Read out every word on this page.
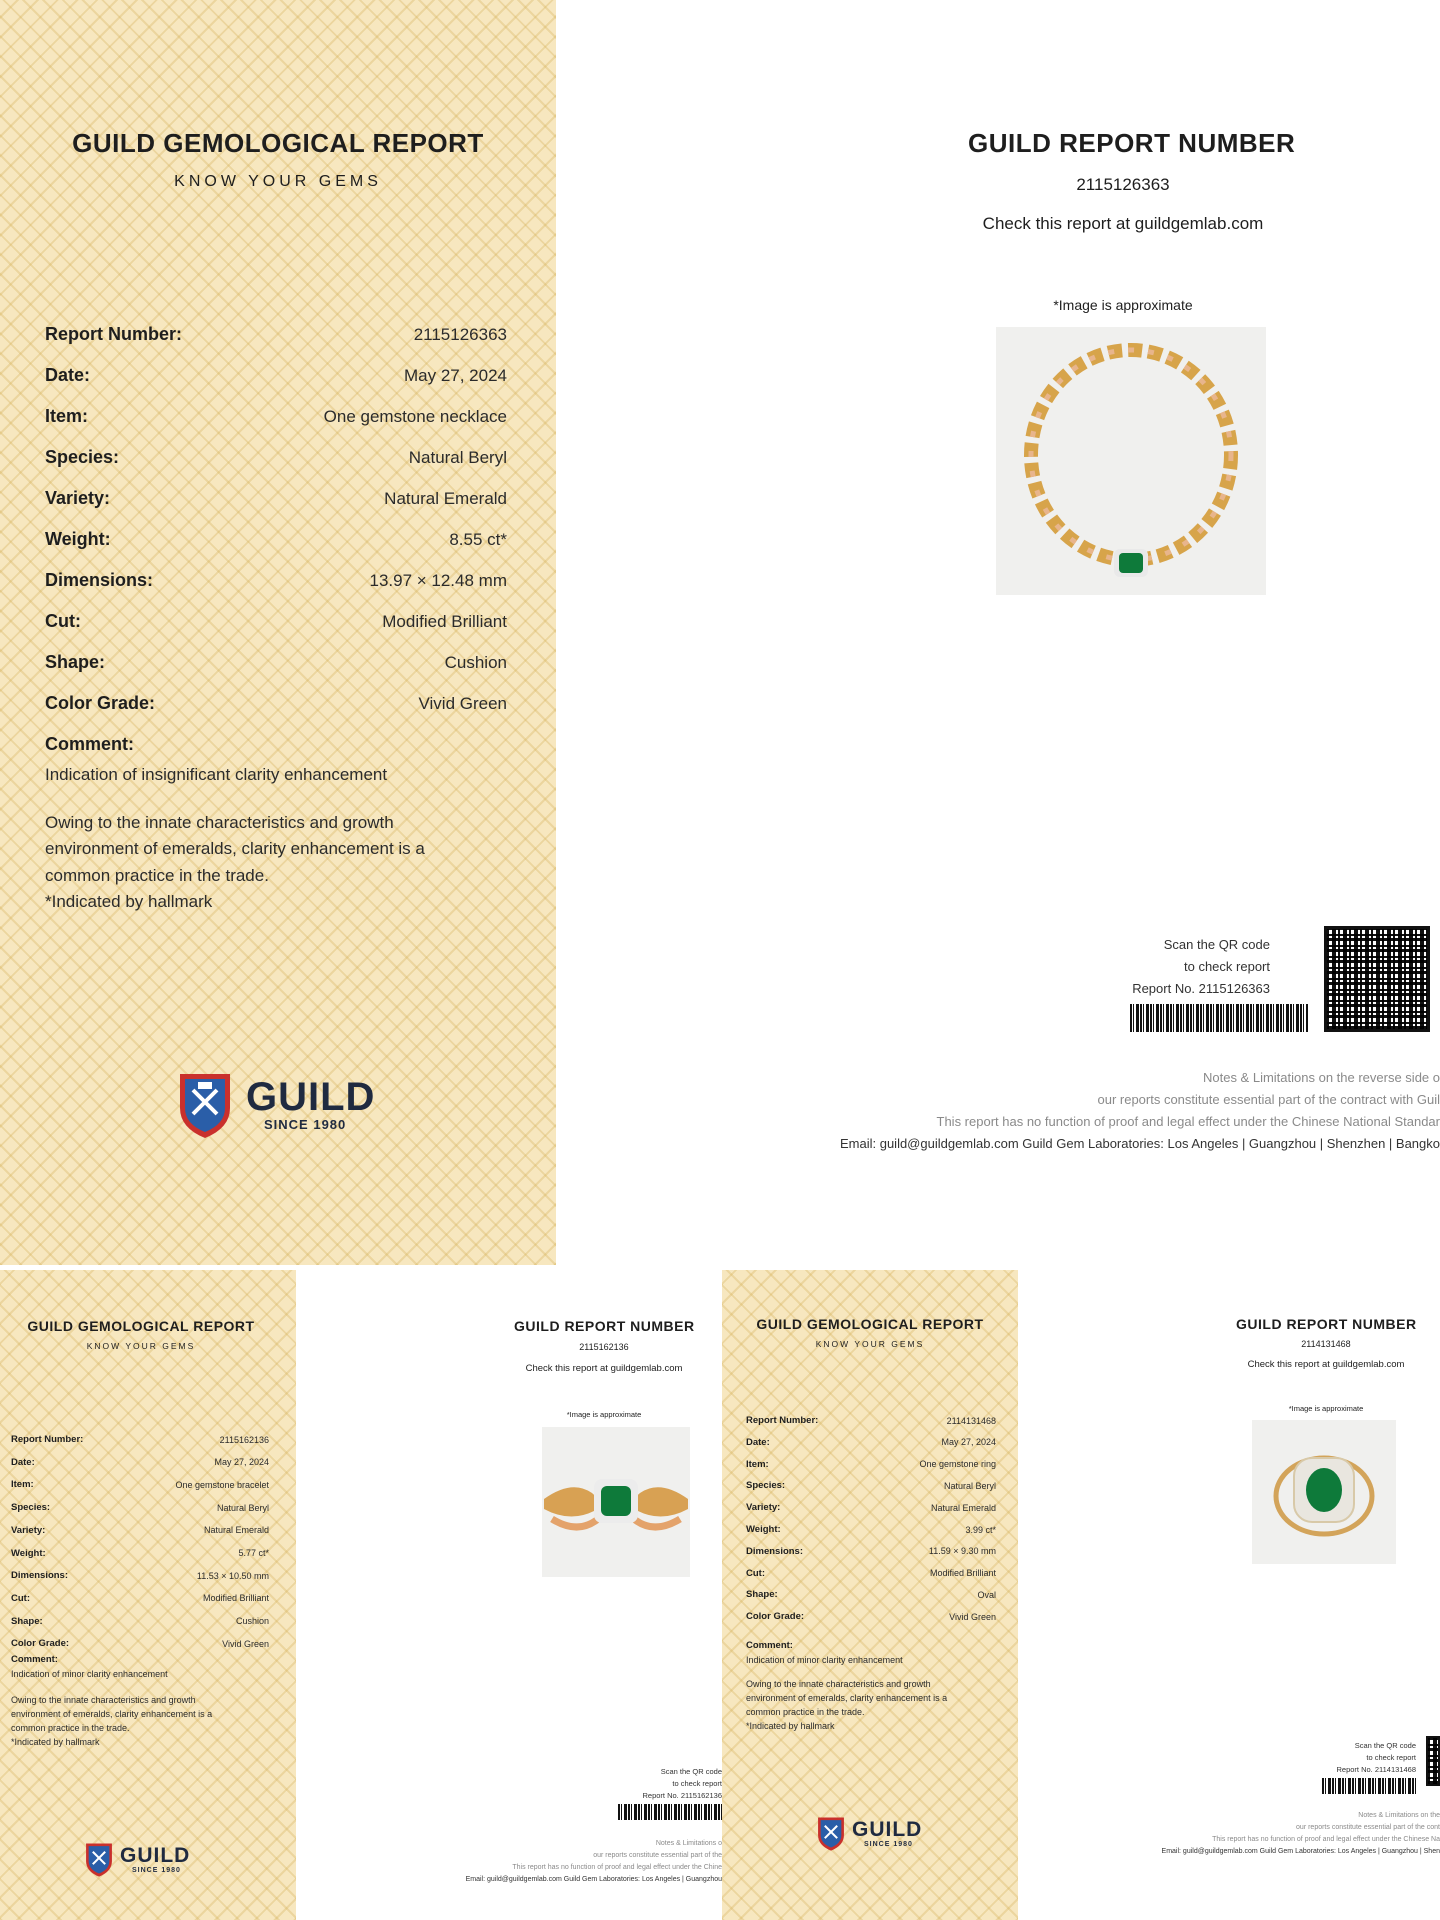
GUILD GEMOLOGICAL REPORT
KNOW YOUR GEMS
Report Number:	2115126363
Date:	May 27, 2024
Item:	One gemstone necklace
Species:	Natural Beryl
Variety:	Natural Emerald
Weight:	8.55 ct*
Dimensions:	13.97 × 12.48 mm
Cut:	Modified Brilliant
Shape:	Cushion
Color Grade:	Vivid Green
Comment:
Indication of insignificant clarity enhancement
Owing to the innate characteristics and growth
environment of emeralds, clarity enhancement is a
common practice in the trade.
*Indicated by hallmark
GUILD
SINCE 1980
GUILD REPORT NUMBER
2115126363
Check this report at guildgemlab.com
*Image is approximate
Scan the QR code
to check report
Report No. 2115126363
Notes & Limitations on the reverse side o
our reports constitute essential part of the contract with Guil
This report has no function of proof and legal effect under the Chinese National Standar
Email: guild@guildgemlab.com Guild Gem Laboratories: Los Angeles | Guangzhou | Shenzhen | Bangko
GUILD GEMOLOGICAL REPORT
KNOW YOUR GEMS
Report Number:	2115162136
Date:	May 27, 2024
Item:	One gemstone bracelet
Species:	Natural Beryl
Variety:	Natural Emerald
Weight:	5.77 ct*
Dimensions:	11.53 × 10.50 mm
Cut:	Modified Brilliant
Shape:	Cushion
Color Grade:	Vivid Green
Comment:
Indication of minor clarity enhancement
Owing to the innate characteristics and growth
environment of emeralds, clarity enhancement is a
common practice in the trade.
*Indicated by hallmark
GUILD
SINCE 1980
GUILD REPORT NUMBER
2115162136
Check this report at guildgemlab.com
*Image is approximate
Scan the QR code
to check report
Report No. 2115162136
Notes & Limitations o
our reports constitute essential part of the
This report has no function of proof and legal effect under the Chine
Email: guild@guildgemlab.com Guild Gem Laboratories: Los Angeles | Guangzhou
GUILD GEMOLOGICAL REPORT
KNOW YOUR GEMS
Report Number:	2114131468
Date:	May 27, 2024
Item:	One gemstone ring
Species:	Natural Beryl
Variety:	Natural Emerald
Weight:	3.99 ct*
Dimensions:	11.59 × 9.30 mm
Cut:	Modified Brilliant
Shape:	Oval
Color Grade:	Vivid Green
Comment:
Indication of minor clarity enhancement
Owing to the innate characteristics and growth
environment of emeralds, clarity enhancement is a
common practice in the trade.
*Indicated by hallmark
GUILD
SINCE 1980
GUILD REPORT NUMBER
2114131468
Check this report at guildgemlab.com
*Image is approximate
Scan the QR code
to check report
Report No. 2114131468
Notes & Limitations on the
our reports constitute essential part of the cont
This report has no function of proof and legal effect under the Chinese Na
Email: guild@guildgemlab.com Guild Gem Laboratories: Los Angeles | Guangzhou | Shen
